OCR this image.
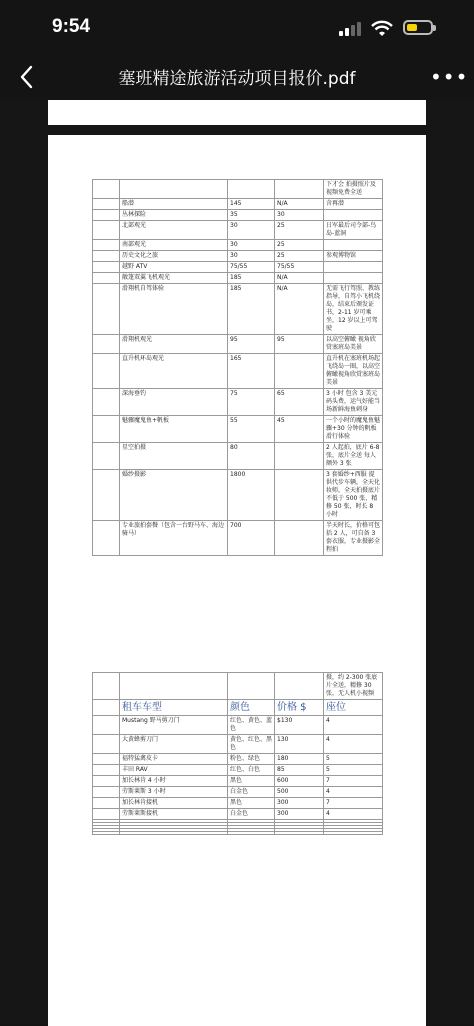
9:54
塞班精途旅游活动项目报价.pdf	•••
				下才会 拍摄照片及视频免费全送
	船潜	145	N/A	含再潜
	丛林探险	35	30	
	北部观光	30	25	日军最后司令部-鸟岛-蓝洞
	南部观光	30	25	
	历史文化之旅	30	25	参观博物馆
	越野 ATV	75/55	75/55	
	敞篷双翼飞机观光	185	N/A	
	滑翔机自驾体验	185	N/A	无需飞行驾照、教练指导，自驾小飞机绕岛，结束后颁发证书，2-11 岁可乘坐，12 岁以上可驾驶
	滑翔机观光	95	95	以高空俯瞰 视角欣赏塞班岛美景
	直升机环岛观光	165		直升机在塞班机场起飞绕岛一圈，以高空俯瞰视角欣赏塞班岛美景
	深海垂钓	75	65	3 小时 包含 3 美元码头费，运气好能当场新鲜海鱼刺身
	魅骤魔鬼鱼+帆板	55	45	一个小时的魔鬼鱼魅骤+30 分钟的帆板滑行体验
	星空拍摄	80		2 人起拍，底片 6-8 张，底片全送 每人额外 3 张
	婚纱摄影	1800		3 套婚纱+西服 提供代步车辆，全天化妆师，全天拍摄底片不低于 500 张，精修 50 张，时长 8 小时
	专业旅拍套餐（包含一台野马车、海边骑马）	700		半天时长，价格可包括 2 人，可自备 3 套衣服，专业摄影全程拍
				摄，约 2-300 张底片全送，精修 30 张，无人机小视频
	租车车型	颜色	价格 $	座位
	Mustang 野马剪刀门	红色、黄色、蓝色	$130	4
	大黄蜂剪刀门	黄色、红色、黑色	130	4
	福特猛禽皮卡	粉色、绿色	180	5
	丰田 RAV	红色、白色	85	5
	加长林肯 4 小时	黑色	600	7
	劳斯莱斯 3 小时	白金色	500	4
	加长林肯接机	黑色	300	7
	劳斯莱斯接机	白金色	300	4
